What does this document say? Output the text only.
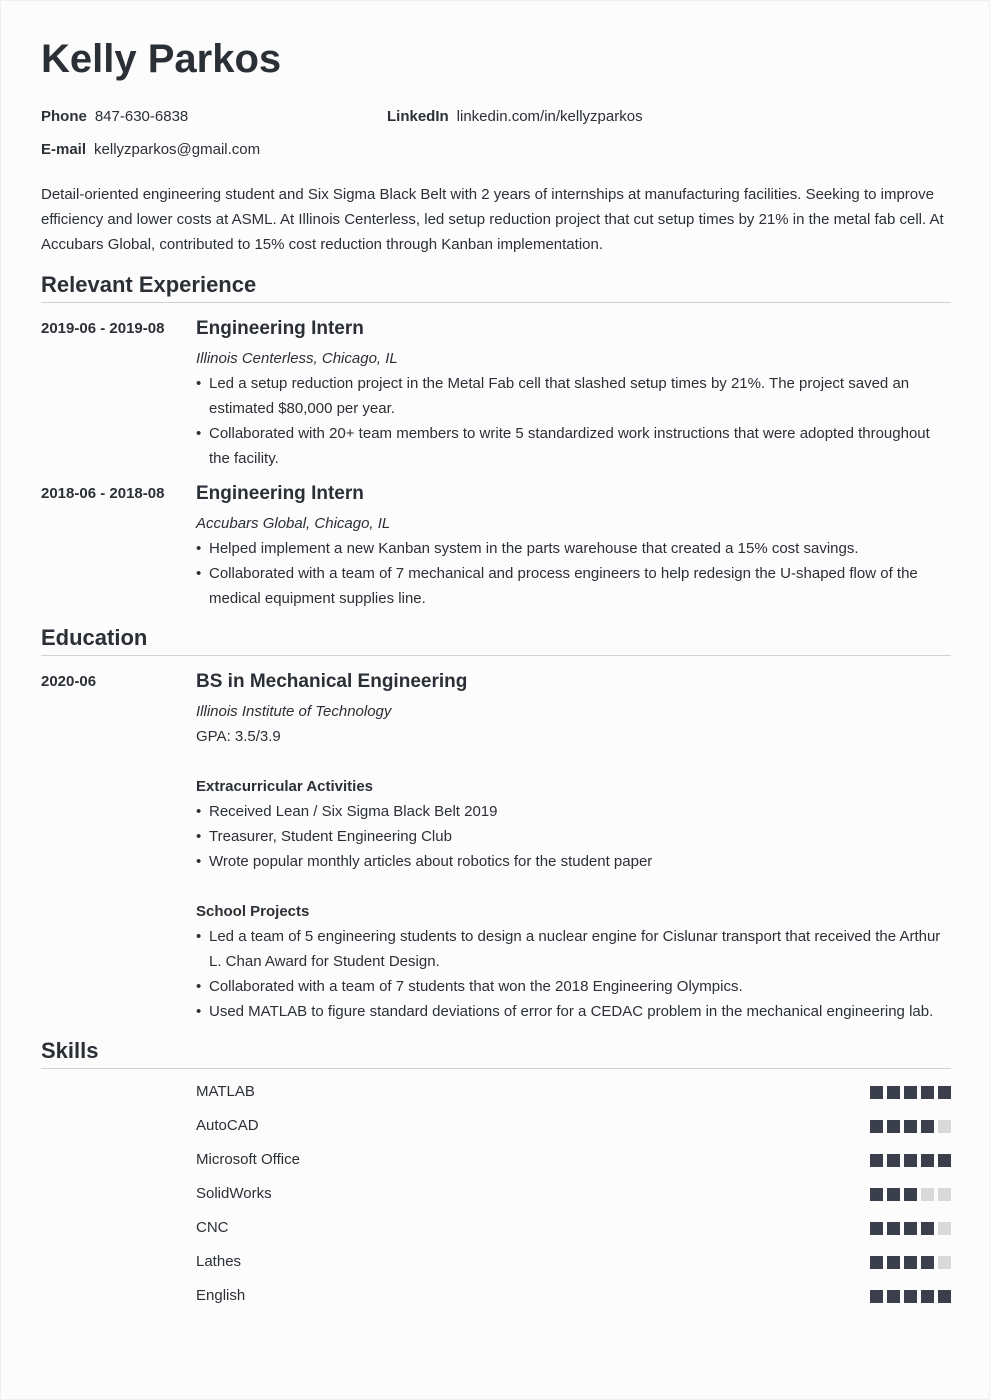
Kelly Parkos
Phone 847-630-6838	LinkedIn linkedin.com/in/kellyzparkos
E-mail kellyzparkos@gmail.com

Detail-oriented engineering student and Six Sigma Black Belt with 2 years of internships at manufacturing facilities. Seeking to improve efficiency and lower costs at ASML. At Illinois Centerless, led setup reduction project that cut setup times by 21% in the metal fab cell. At Accubars Global, contributed to 15% cost reduction through Kanban implementation.

Relevant Experience
2019-06 - 2019-08 Engineering Intern
Illinois Centerless, Chicago, IL
• Led a setup reduction project in the Metal Fab cell that slashed setup times by 21%. The project saved an estimated $80,000 per year.
• Collaborated with 20+ team members to write 5 standardized work instructions that were adopted throughout the facility.
2018-06 - 2018-08 Engineering Intern
Accubars Global, Chicago, IL
• Helped implement a new Kanban system in the parts warehouse that created a 15% cost savings.
• Collaborated with a team of 7 mechanical and process engineers to help redesign the U-shaped flow of the medical equipment supplies line.
Education
2020-06	BS in Mechanical Engineering
Illinois Institute of Technology
GPA: 3.5/3.9
Extracurricular Activities
• Received Lean / Six Sigma Black Belt 2019
• Treasurer, Student Engineering Club
• Wrote popular monthly articles about robotics for the student paper
School Projects
• Led a team of 5 engineering students to design a nuclear engine for Cislunar transport that received the Arthur L. Chan Award for Student Design.
• Collaborated with a team of 7 students that won the 2018 Engineering Olympics.
• Used MATLAB to figure standard deviations of error for a CEDAC problem in the mechanical engineering lab.
Skills
MATLAB
AutoCAD
Microsoft Office
SolidWorks
CNC
Lathes
English
